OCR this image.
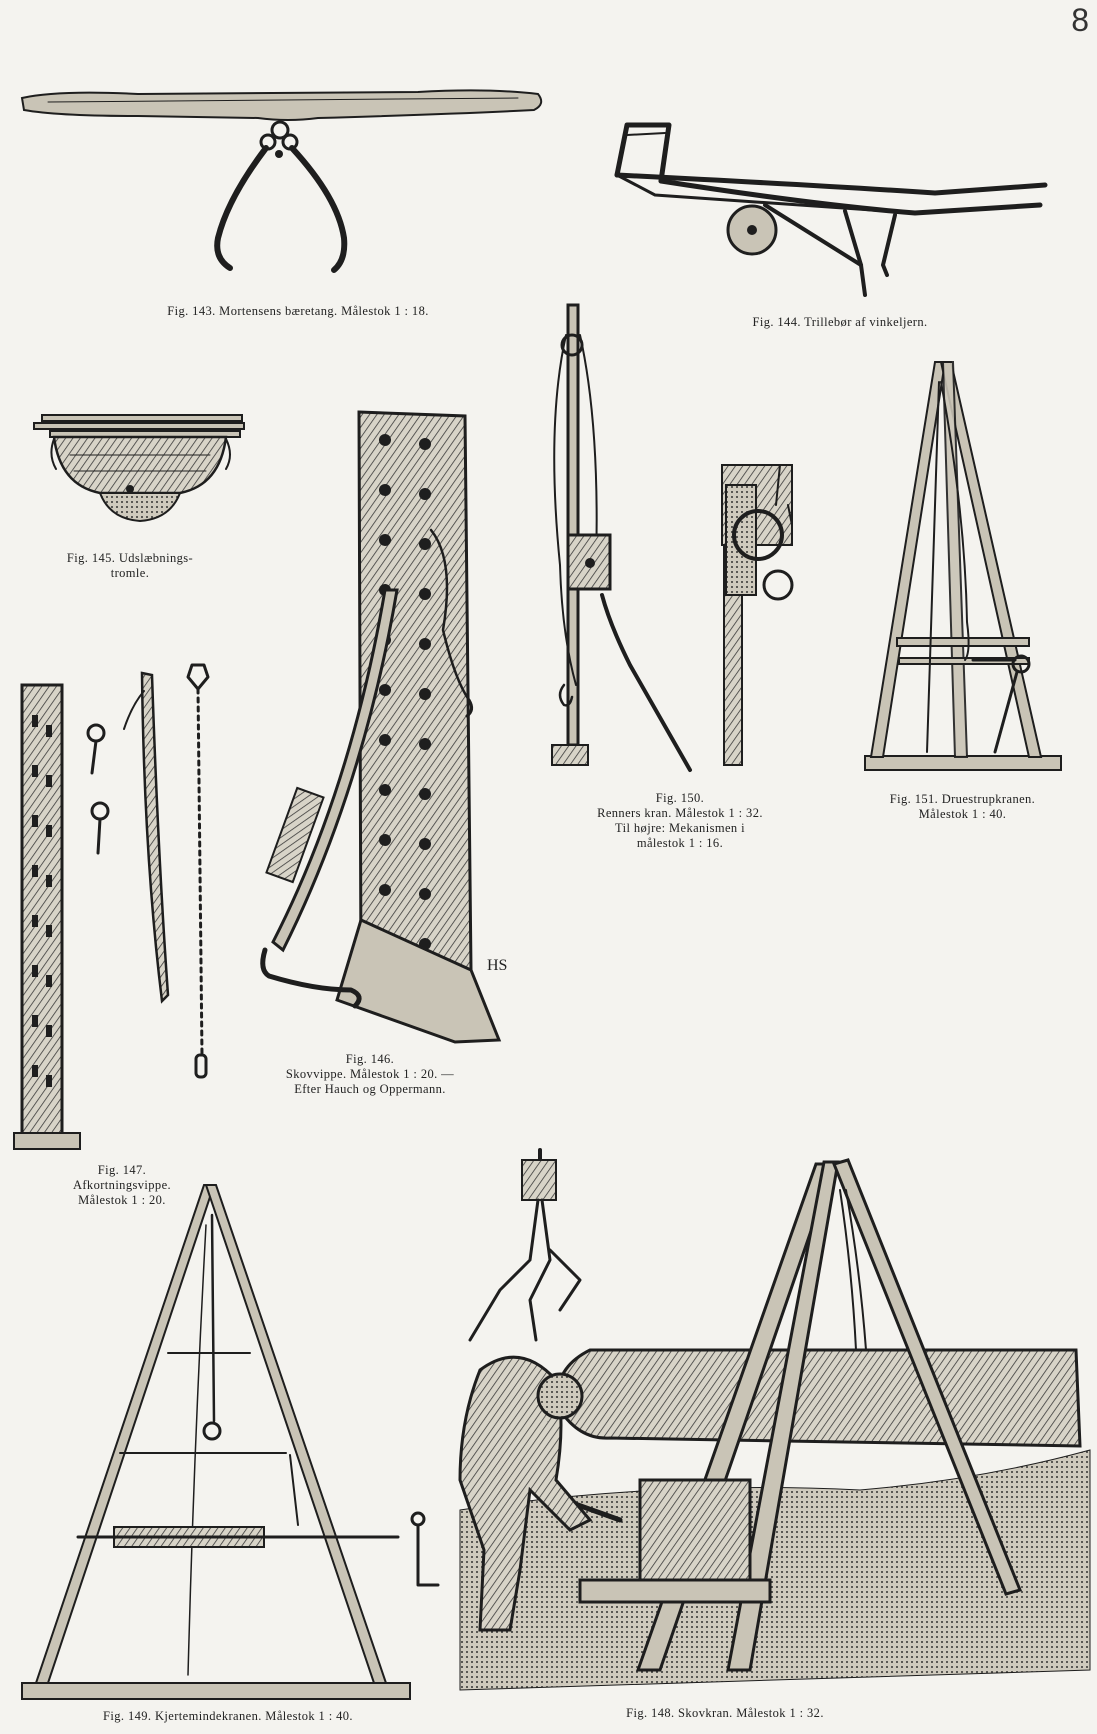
8
Fig. 143. Mortensens bæretang. Målestok 1 : 18.
Fig. 144. Trillebør af vinkeljern.
Fig. 145. Udslæbnings-
tromle.
Fig. 150.
Renners kran. Målestok 1 : 32.
Til højre: Mekanismen i
målestok 1 : 16.
Fig. 151. Druestrupkranen.
Målestok 1 : 40.
HS
Fig. 146.
Skovvippe. Målestok 1 : 20. —
Efter Hauch og Oppermann.
Fig. 147.
Afkortningsvippe.
Målestok 1 : 20.
Fig. 149. Kjertemindekranen. Målestok 1 : 40.	Fig. 148. Skovkran. Målestok 1 : 32.
